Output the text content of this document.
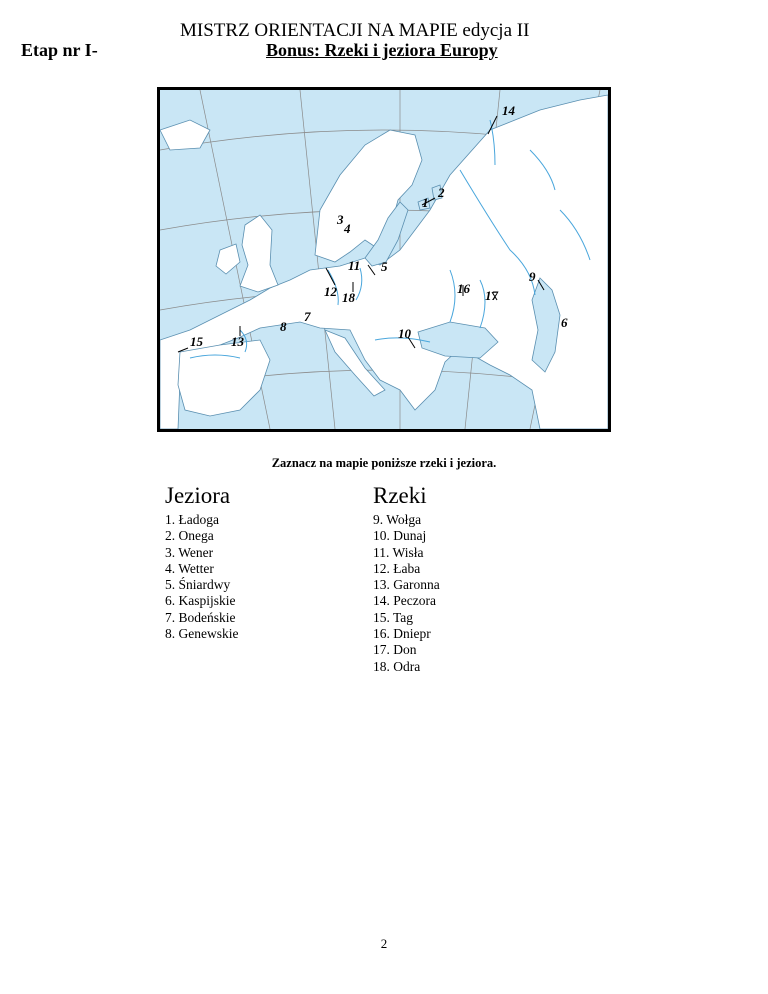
MISTRZ ORIENTACJI NA MAPIE edycja II
Etap nr I-	Bonus: Rzeki i jeziora Europy
14
2
1
3
4
11 5
9
16 17
12 18
7	6
8	10
15 13
Zaznacz na mapie poniższe rzeki i jeziora.
Jeziora	Rzeki
1. Ładoga
2. Onega
3. Wener
4. Wetter
5. Śniardwy
6. Kaspijskie
7. Bodeńskie
8. Genewskie
9. Wołga
10. Dunaj
11. Wisła
12. Łaba
13. Garonna
14. Peczora
15. Tag
16. Dniepr
17. Don
18. Odra
2
